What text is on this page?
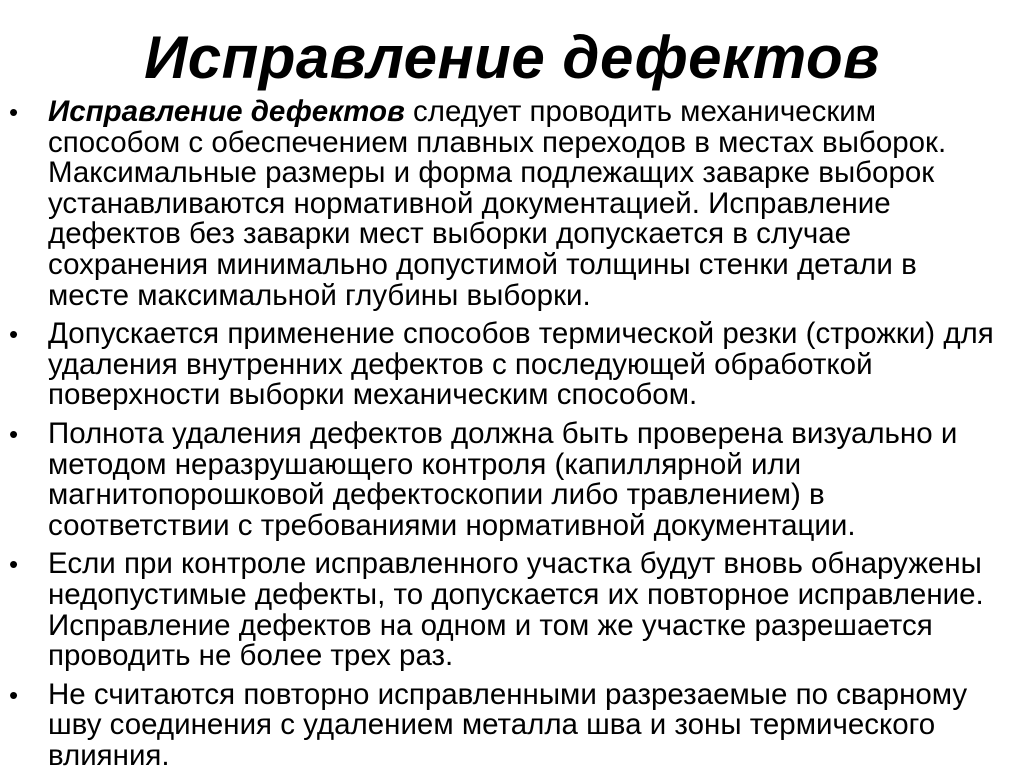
Исправление дефектов
• Исправление дефектов следует проводить механическим способом с обеспечением плавных переходов в местах выборок. Максимальные размеры и форма подлежащих заварке выборок устанавливаются нормативной документацией. Исправление дефектов без заварки мест выборки допускается в случае сохранения минимально допустимой толщины стенки детали в месте максимальной глубины выборки.
• Допускается применение способов термической резки (строжки) для удаления внутренних дефектов с последующей обработкой поверхности выборки механическим способом.
• Полнота удаления дефектов должна быть проверена визуально и методом неразрушающего контроля (капиллярной или магнитопорошковой дефектоскопии либо травлением) в соответствии с требованиями нормативной документации.
• Если при контроле исправленного участка будут вновь обнаружены недопустимые дефекты, то допускается их повторное исправление. Исправление дефектов на одном и том же участке разрешается проводить не более трех раз.
• Не считаются повторно исправленными разрезаемые по сварному шву соединения с удалением металла шва и зоны термического влияния.
